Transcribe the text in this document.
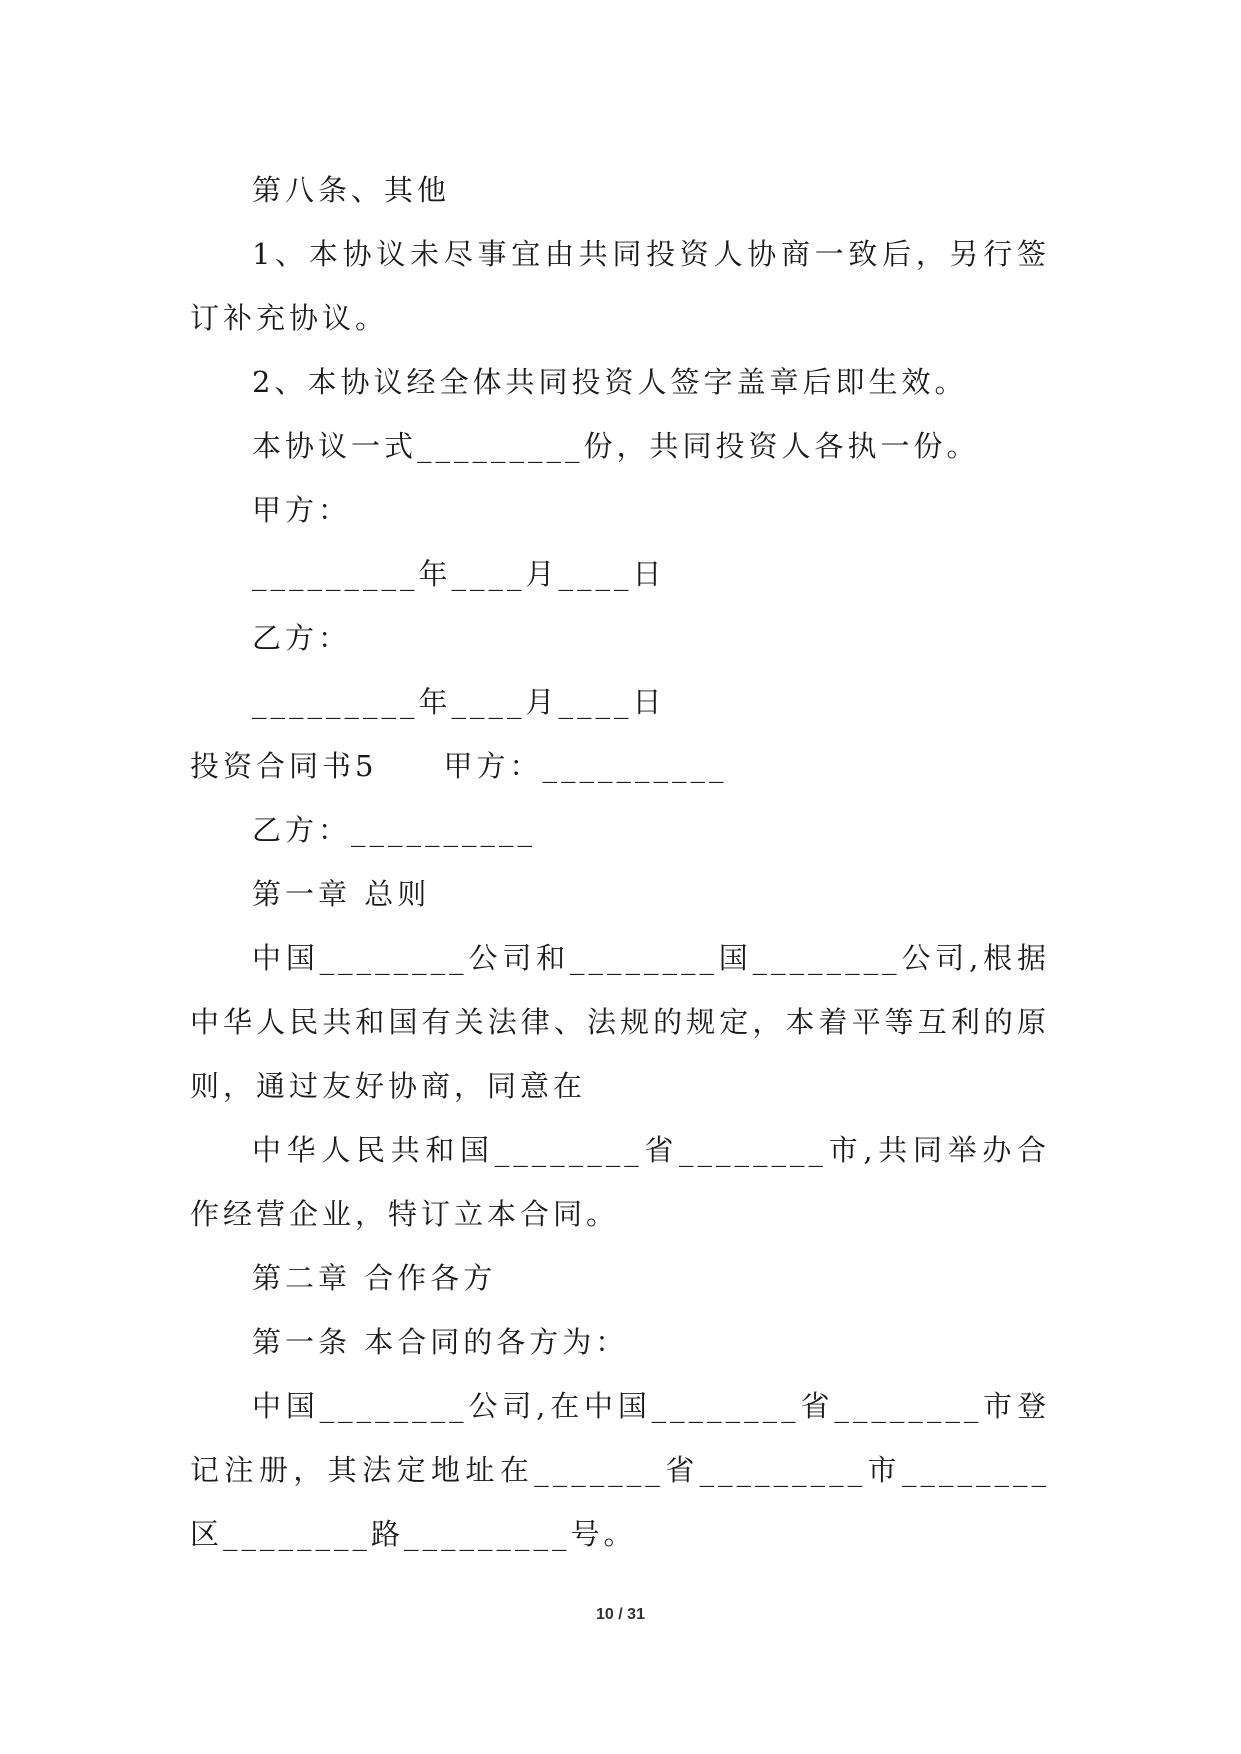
第八条、其他

1、本协议未尽事宜由共同投资人协商一致后，另行签订补充协议。

2、本协议经全体共同投资人签字盖章后即生效。

本协议一式_________份，共同投资人各执一份。

甲方：

_________年____月____日

乙方：

_________年____月____日

投资合同书5　　甲方：__________

乙方：__________

第一章 总则

中国________公司和________国________公司,根据中华人民共和国有关法律、法规的规定，本着平等互利的原则，通过友好协商，同意在

中华人民共和国________省________市,共同举办合作经营企业，特订立本合同。

第二章 合作各方

第一条 本合同的各方为：

中国________公司,在中国________省________市登记注册，其法定地址在_______省_________市________区________路_________号。

10 / 31
